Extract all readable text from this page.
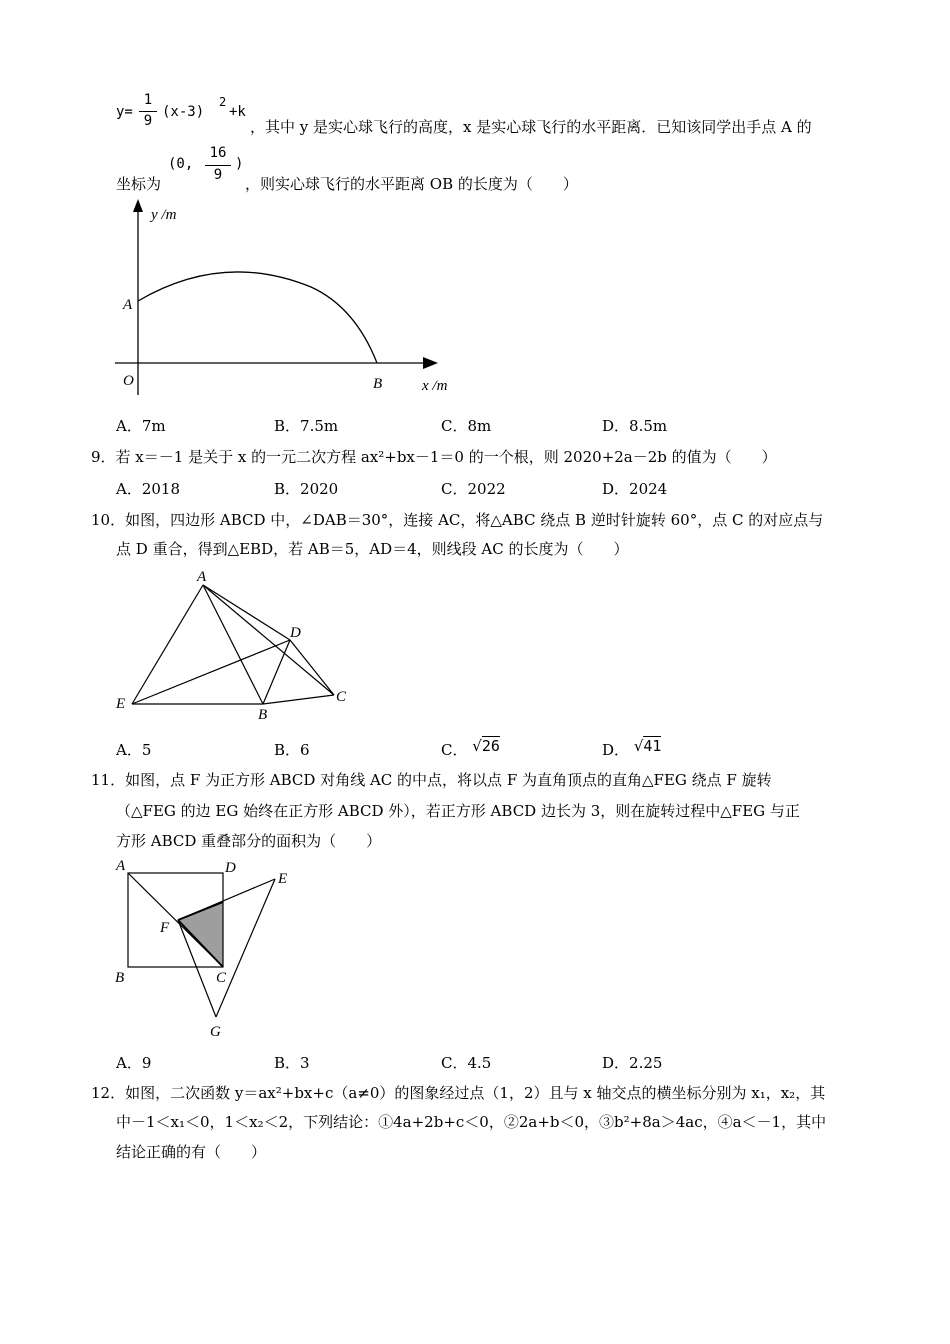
y=
1
9
(x-3)
2
+k
，其中 y 是实心球飞行的高度，x 是实心球飞行的水平距离．已知该同学出手点 A 的
坐标为
(0,
16
9
)
，则实心球飞行的水平距离 OB 的长度为（　　）
y /m
x /m
A
O	B
A．7m	B．7.5m	C．8m	D．8.5m
9．若 x＝－1 是关于 x 的一元二次方程 ax²+bx－1＝0 的一个根，则 2020+2a－2b 的值为（　　）
A．2018	B．2020	C．2022	D．2024
10．如图，四边形 ABCD 中，∠DAB＝30°，连接 AC，将△ABC 绕点 B 逆时针旋转 60°，点 C 的对应点与
点 D 重合，得到△EBD，若 AB＝5，AD＝4，则线段 AC 的长度为（　　）
A
D
C
B
E
A．5	B．6	C． √26	D． √41
11．如图，点 F 为正方形 ABCD 对角线 AC 的中点，将以点 F 为直角顶点的直角△FEG 绕点 F 旋转
（△FEG 的边 EG 始终在正方形 ABCD 外），若正方形 ABCD 边长为 3，则在旋转过程中△FEG 与正
方形 ABCD 重叠部分的面积为（　　）
A	D
E
F
B	C
G
A．9	B．3	C．4.5	D．2.25
12．如图，二次函数 y＝ax²+bx+c（a≠0）的图象经过点（1，2）且与 x 轴交点的横坐标分别为 x₁，x₂，其
中－1＜x₁＜0，1＜x₂＜2，下列结论：①4a+2b+c＜0，②2a+b＜0，③b²+8a＞4ac，④a＜－1，其中
结论正确的有（　　）
